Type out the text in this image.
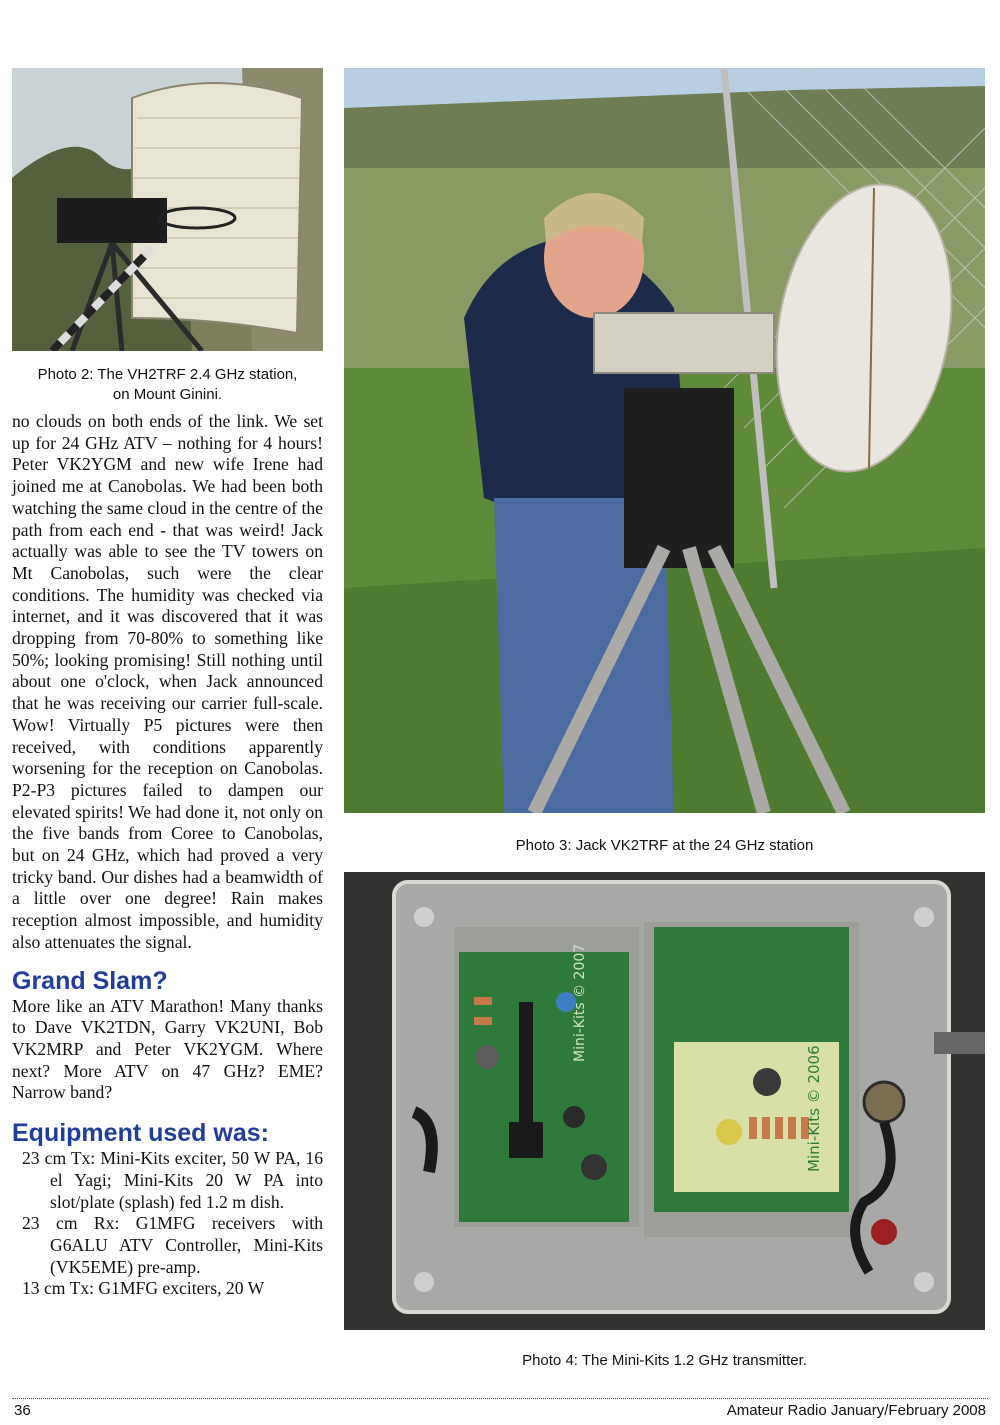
Photo 2: The VH2TRF 2.4 GHz station,
on Mount Ginini.

no clouds on both ends of the link. We set up for 24 GHz ATV – nothing for 4 hours! Peter VK2YGM and new wife Irene had joined me at Canobolas. We had been both watching the same cloud in the centre of the path from each end - that was weird! Jack actually was able to see the TV towers on Mt Canobolas, such were the clear conditions. The humidity was checked via internet, and it was discovered that it was dropping from 70-80% to something like 50%; looking promising! Still nothing until about one o'clock, when Jack announced that he was receiving our carrier full-scale. Wow! Virtually P5 pictures were then received, with conditions apparently worsening for the reception on Canobolas. P2-P3 pictures failed to dampen our elevated spirits! We had done it, not only on the five bands from Coree to Canobolas, but on 24 GHz, which had proved a very tricky band. Our dishes had a beamwidth of a little over one degree! Rain makes reception almost impossible, and humidity also attenuates the signal.

Grand Slam?

More like an ATV Marathon! Many thanks to Dave VK2TDN, Garry VK2UNI, Bob VK2MRP and Peter VK2YGM. Where next? More ATV on 47 GHz? EME? Narrow band?

Equipment used was:
23 cm Tx: Mini-Kits exciter, 50 W PA, 16 el Yagi; Mini-Kits 20 W PA into slot/plate (splash) fed 1.2 m dish.
23 cm Rx: G1MFG receivers with G6ALU ATV Controller, Mini-Kits (VK5EME) pre-amp.
13 cm Tx: G1MFG exciters, 20 W
Photo 3: Jack VK2TRF at the 24 GHz station
Mini-Kits © 2007
Mini-Kits © 2006
Photo 4: The Mini-Kits 1.2 GHz transmitter.
36	Amateur Radio January/February 2008
